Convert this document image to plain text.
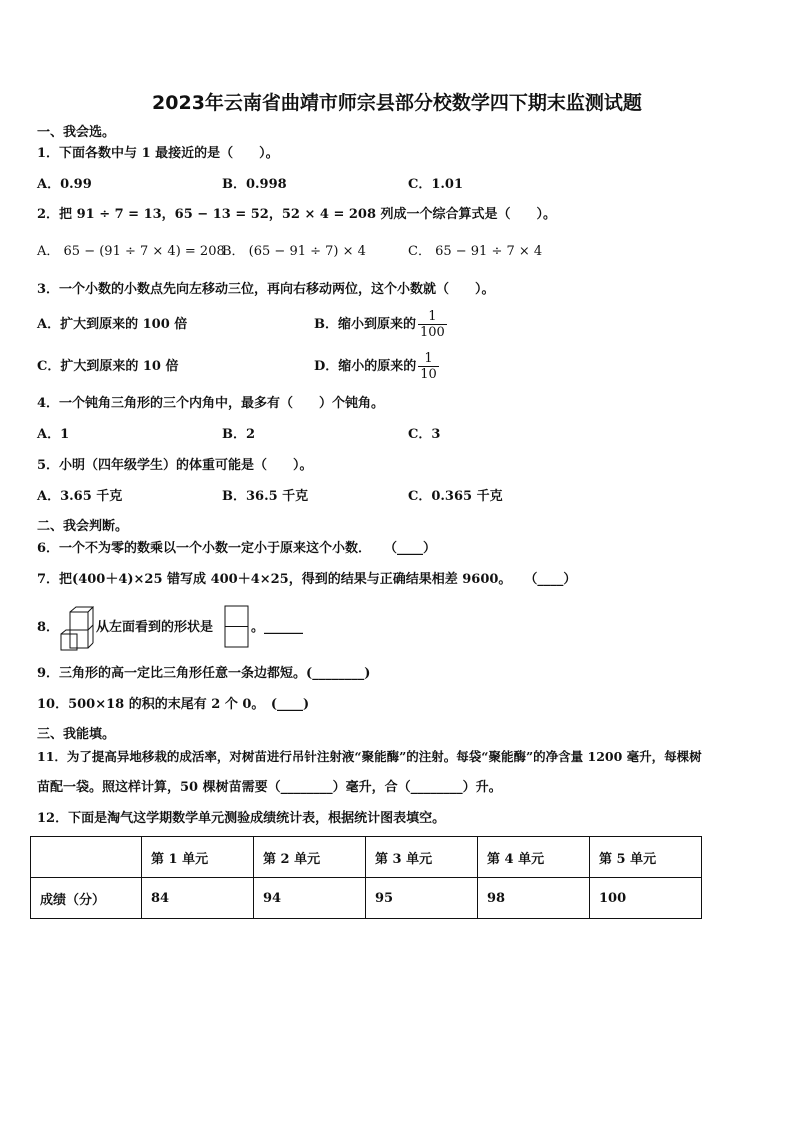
2023年云南省曲靖市师宗县部分校数学四下期末监测试题
一、我会选。
1．下面各数中与 1 最接近的是（　　）。
A．0.99	B．0.998	C．1.01
2．把 91 ÷ 7 = 13，65 − 13 = 52，52 × 4 = 208 列成一个综合算式是（　　）。
A． 65 − (91 ÷ 7 × 4) = 208
B． (65 − 91 ÷ 7) × 4	C． 65 − 91 ÷ 7 × 4
3．一个小数的小数点先向左移动三位，再向右移动两位，这个小数就（　　）。
A．扩大到原来的 100 倍	B．缩小到原来的 $\frac{1}{100}$
C．扩大到原来的 10 倍	D．缩小的原来的 $\frac{1}{10}$
4．一个钝角三角形的三个内角中，最多有（　　）个钝角。
A．1	B．2	C．3
5．小明（四年级学生）的体重可能是（　　）。
A．3.65 千克	B．36.5 千克	C．0.365 千克
二、我会判断。
6．一个不为零的数乘以一个小数一定小于原来这个小数．　　（____）
7．把(400＋4)×25 错写成 400＋4×25，得到的结果与正确结果相差 9600。　　（____）
8．	从左面看到的形状是	。______
9．三角形的高一定比三角形任意一条边都短。(________)
10．500×18 的积的末尾有 2 个 0。　(____)
三、我能填。
11．为了提高异地移栽的成活率，对树苗进行吊针注射液“聚能酶”的注射。每袋“聚能酶”的净含量 1200 毫升，每棵树
苗配一袋。照这样计算，50 棵树苗需要（________）毫升，合（________）升。
12．下面是淘气这学期数学单元测验成绩统计表，根据统计图表填空。
	第 1 单元	第 2 单元	第 3 单元	第 4 单元	第 5 单元
成绩（分）	84	94	95	98	100
